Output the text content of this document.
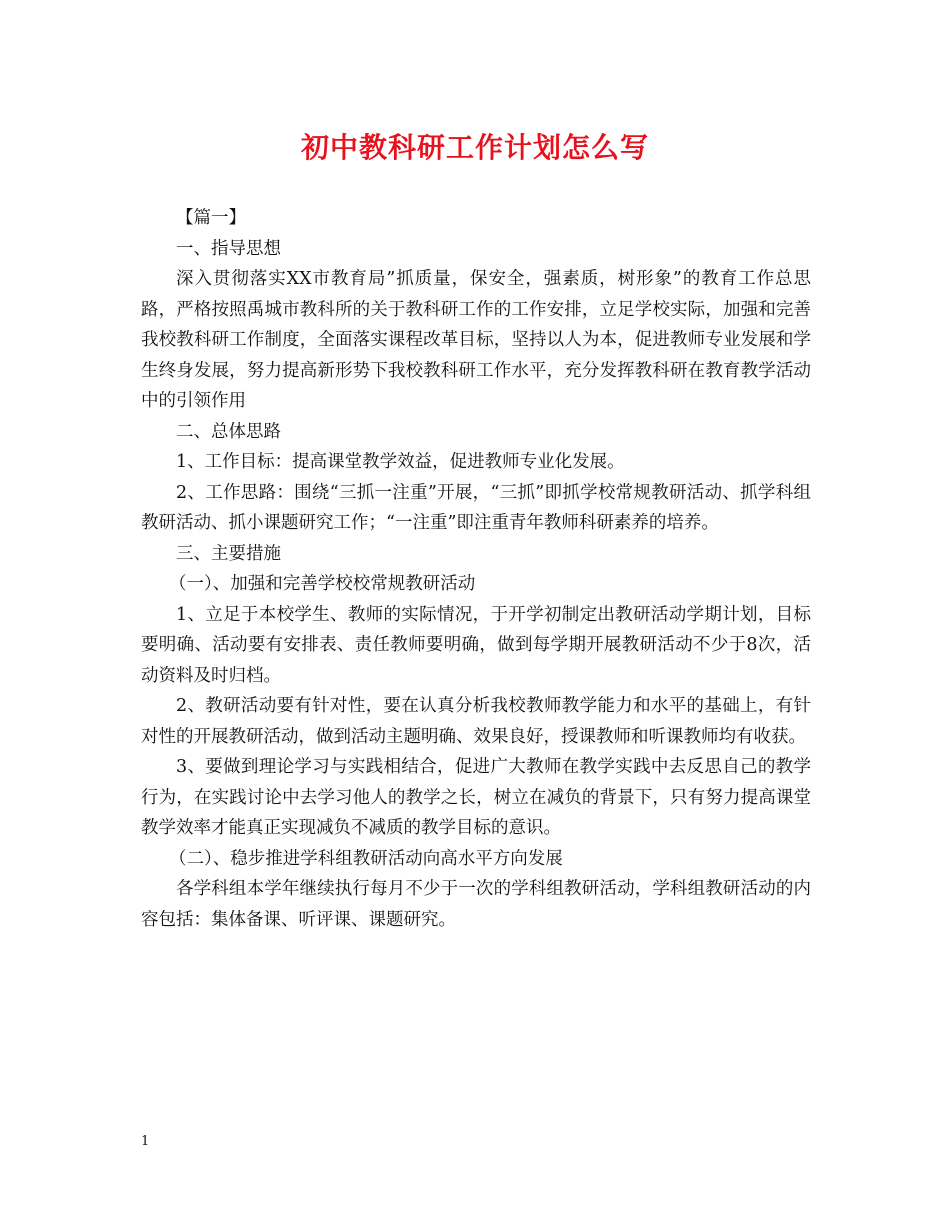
初中教科研工作计划怎么写

【篇一】

一、指导思想

深入贯彻落实XX市教育局”抓质量，保安全，强素质，树形象”的教育工作总思路，严格按照禹城市教科所的关于教科研工作的工作安排，立足学校实际，加强和完善我校教科研工作制度，全面落实课程改革目标，坚持以人为本，促进教师专业发展和学生终身发展，努力提高新形势下我校教科研工作水平，充分发挥教科研在教育教学活动中的引领作用

二、总体思路

1、工作目标：提高课堂教学效益，促进教师专业化发展。

2、工作思路：围绕“三抓一注重”开展，“三抓”即抓学校常规教研活动、抓学科组教研活动、抓小课题研究工作；“一注重”即注重青年教师科研素养的培养。

三、主要措施

（一）、加强和完善学校校常规教研活动

1、立足于本校学生、教师的实际情况，于开学初制定出教研活动学期计划，目标要明确、活动要有安排表、责任教师要明确，做到每学期开展教研活动不少于8次，活动资料及时归档。

2、教研活动要有针对性，要在认真分析我校教师教学能力和水平的基础上，有针对性的开展教研活动，做到活动主题明确、效果良好，授课教师和听课教师均有收获。

3、要做到理论学习与实践相结合，促进广大教师在教学实践中去反思自己的教学行为，在实践讨论中去学习他人的教学之长，树立在减负的背景下，只有努力提高课堂教学效率才能真正实现减负不减质的教学目标的意识。

（二）、稳步推进学科组教研活动向高水平方向发展

各学科组本学年继续执行每月不少于一次的学科组教研活动，学科组教研活动的内容包括：集体备课、听评课、课题研究。

1
